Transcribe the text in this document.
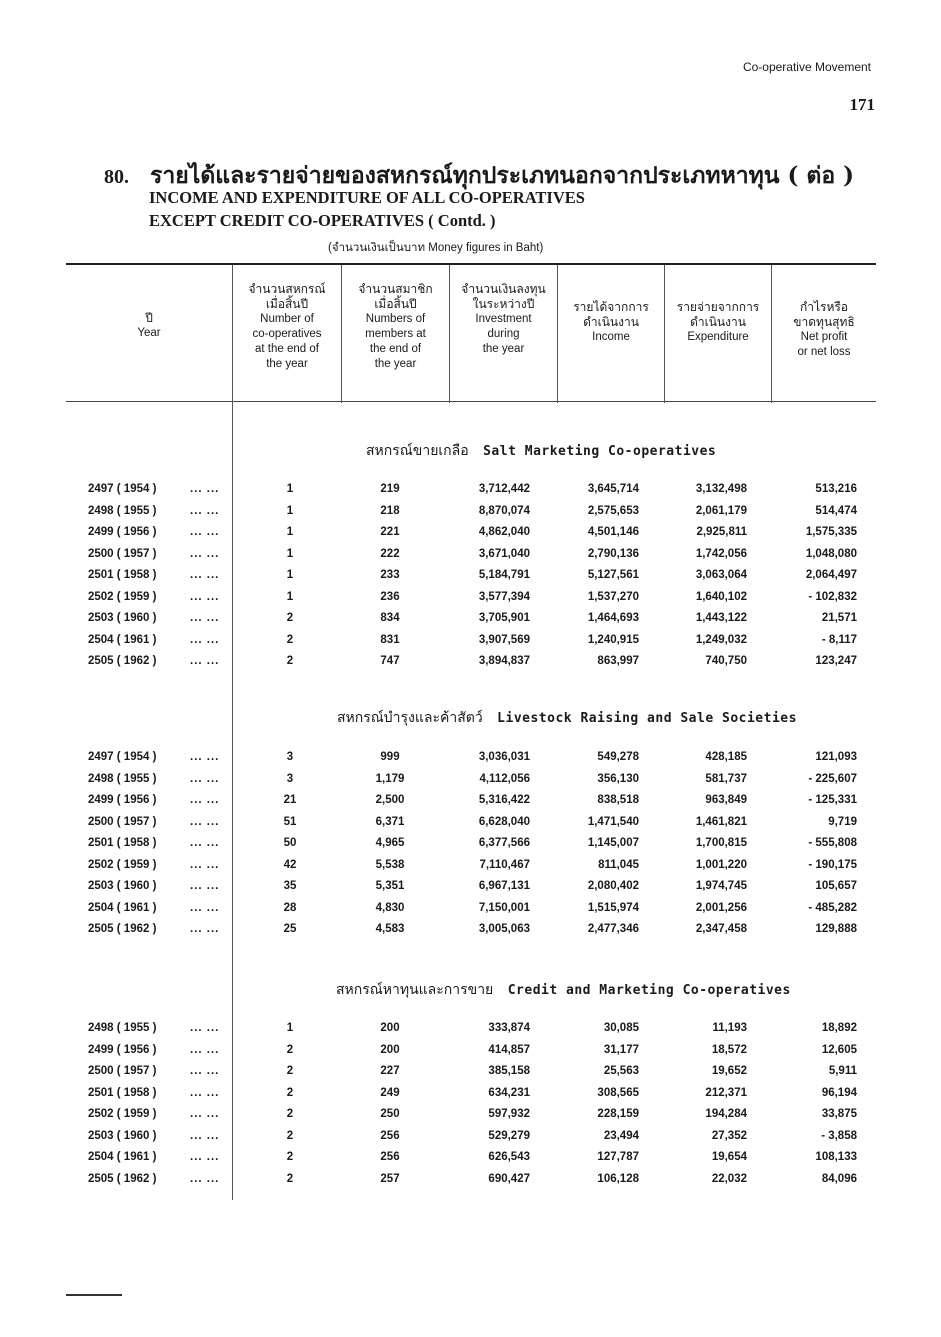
Co-operative Movement
171
80. รายได้และรายจ่ายของสหกรณ์ทุกประเภทนอกจากประเภทหาทุน ( ต่อ )
INCOME AND EXPENDITURE OF ALL CO-OPERATIVES
EXCEPT CREDIT CO-OPERATIVES ( Contd. )
(จำนวนเงินเป็นบาท Money figures in Baht)
ปี
Year
จำนวนสหกรณ์
เมื่อสิ้นปี
Number of
co-operatives
at the end of
the year
จำนวนสมาชิก
เมื่อสิ้นปี
Numbers of
members at
the end of
the year
จำนวนเงินลงทุน
ในระหว่างปี
Investment
during
the year
รายได้จากการ
ดำเนินงาน
Income
รายจ่ายจากการ
ดำเนินงาน
Expenditure
กำไรหรือ
ขาดทุนสุทธิ
Net profit
or net loss
สหกรณ์ขายเกลือ Salt Marketing Co-operatives
สหกรณ์บำรุงและค้าสัตว์ Livestock Raising and Sale Societies
สหกรณ์หาทุนและการขาย Credit and Marketing Co-operatives
2497 ( 1954 )	... ...	1	219	3,712,442	3,645,714	3,132,498	513,216
2498 ( 1955 )	... ...	1	218	8,870,074	2,575,653	2,061,179	514,474
2499 ( 1956 )	... ...	1	221	4,862,040	4,501,146	2,925,811	1,575,335
2500 ( 1957 )	... ...	1	222	3,671,040	2,790,136	1,742,056	1,048,080
2501 ( 1958 )	... ...	1	233	5,184,791	5,127,561	3,063,064	2,064,497
2502 ( 1959 )	... ...	1	236	3,577,394	1,537,270	1,640,102	- 102,832
2503 ( 1960 )	... ...	2	834	3,705,901	1,464,693	1,443,122	21,571
2504 ( 1961 )	... ...	2	831	3,907,569	1,240,915	1,249,032	- 8,117
2505 ( 1962 )	... ...	2	747	3,894,837	863,997	740,750	123,247
2497 ( 1954 )	... ...	3	999	3,036,031	549,278	428,185	121,093
2498 ( 1955 )	... ...	3	1,179	4,112,056	356,130	581,737	- 225,607
2499 ( 1956 )	... ...	21	2,500	5,316,422	838,518	963,849	- 125,331
2500 ( 1957 )	... ...	51	6,371	6,628,040	1,471,540	1,461,821	9,719
2501 ( 1958 )	... ...	50	4,965	6,377,566	1,145,007	1,700,815	- 555,808
2502 ( 1959 )	... ...	42	5,538	7,110,467	811,045	1,001,220	- 190,175
2503 ( 1960 )	... ...	35	5,351	6,967,131	2,080,402	1,974,745	105,657
2504 ( 1961 )	... ...	28	4,830	7,150,001	1,515,974	2,001,256	- 485,282
2505 ( 1962 )	... ...	25	4,583	3,005,063	2,477,346	2,347,458	129,888
2498 ( 1955 )	... ...	1	200	333,874	30,085	11,193	18,892
2499 ( 1956 )	... ...	2	200	414,857	31,177	18,572	12,605
2500 ( 1957 )	... ...	2	227	385,158	25,563	19,652	5,911
2501 ( 1958 )	... ...	2	249	634,231	308,565	212,371	96,194
2502 ( 1959 )	... ...	2	250	597,932	228,159	194,284	33,875
2503 ( 1960 )	... ...	2	256	529,279	23,494	27,352	- 3,858
2504 ( 1961 )	... ...	2	256	626,543	127,787	19,654	108,133
2505 ( 1962 )	... ...	2	257	690,427	106,128	22,032	84,096
